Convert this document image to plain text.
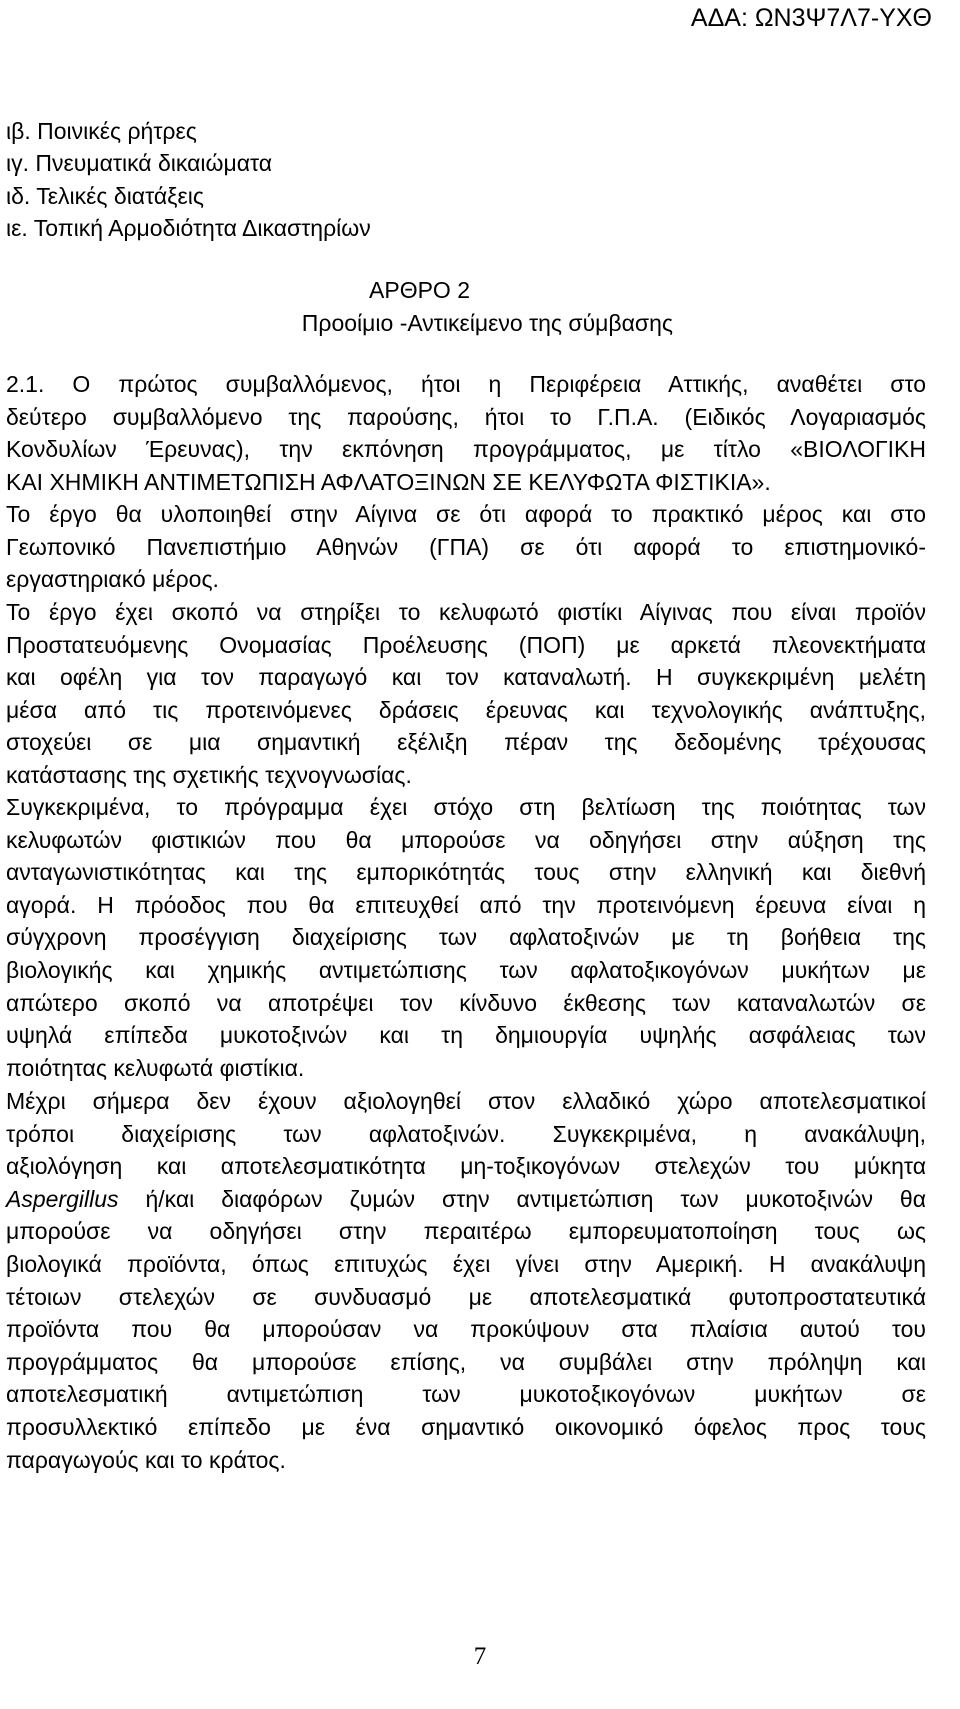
ΑΔΑ: ΩΝ3Ψ7Λ7-ΥΧΘ
ιβ. Ποινικές ρήτρες
ιγ. Πνευματικά δικαιώματα
ιδ. Τελικές διατάξεις
ιε. Τοπική Αρμοδιότητα Δικαστηρίων
ΑΡΘΡΟ 2
Προοίμιο -Αντικείμενο της σύμβασης
2.1. Ο πρώτος συμβαλλόμενος, ήτοι η Περιφέρεια Αττικής, αναθέτει στο
δεύτερο συμβαλλόμενο της παρούσης, ήτοι το Γ.Π.Α. (Ειδικός Λογαριασμός
Κονδυλίων Έρευνας), την εκπόνηση προγράμματος, με τίτλο «ΒΙΟΛΟΓΙΚΗ
ΚΑΙ ΧΗΜΙΚΗ ΑΝΤΙΜΕΤΩΠΙΣΗ ΑΦΛΑΤΟΞΙΝΩΝ ΣΕ ΚΕΛΥΦΩΤΑ ΦΙΣΤΙΚΙΑ».
Το έργο θα υλοποιηθεί στην Αίγινα σε ότι αφορά το πρακτικό μέρος και στο
Γεωπονικό Πανεπιστήμιο Αθηνών (ΓΠΑ) σε ότι αφορά το επιστημονικό-
εργαστηριακό μέρος.
Το έργο έχει σκοπό να στηρίξει το κελυφωτό φιστίκι Αίγινας που είναι προϊόν
Προστατευόμενης Ονομασίας Προέλευσης (ΠΟΠ) με αρκετά πλεονεκτήματα
και οφέλη για τον παραγωγό και τον καταναλωτή. Η συγκεκριμένη μελέτη
μέσα από τις προτεινόμενες δράσεις έρευνας και τεχνολογικής ανάπτυξης,
στοχεύει σε μια σημαντική εξέλιξη πέραν της δεδομένης τρέχουσας
κατάστασης της σχετικής τεχνογνωσίας.
Συγκεκριμένα, το πρόγραμμα έχει στόχο στη βελτίωση της ποιότητας των
κελυφωτών φιστικιών που θα μπορούσε να οδηγήσει στην αύξηση της
ανταγωνιστικότητας και της εμπορικότητάς τους στην ελληνική και διεθνή
αγορά. Η πρόοδος που θα επιτευχθεί από την προτεινόμενη έρευνα είναι η
σύγχρονη προσέγγιση διαχείρισης των αφλατοξινών με τη βοήθεια της
βιολογικής και χημικής αντιμετώπισης των αφλατοξικογόνων μυκήτων με
απώτερο σκοπό να αποτρέψει τον κίνδυνο έκθεσης των καταναλωτών σε
υψηλά επίπεδα μυκοτοξινών και τη δημιουργία υψηλής ασφάλειας των
ποιότητας κελυφωτά φιστίκια.
Μέχρι σήμερα δεν έχουν αξιολογηθεί στον ελλαδικό χώρο αποτελεσματικοί
τρόποι διαχείρισης των αφλατοξινών. Συγκεκριμένα, η ανακάλυψη,
αξιολόγηση και αποτελεσματικότητα μη-τοξικογόνων στελεχών του μύκητα
Aspergillus ή/και διαφόρων ζυμών στην αντιμετώπιση των μυκοτοξινών θα
μπορούσε να οδηγήσει στην περαιτέρω εμπορευματοποίηση τους ως
βιολογικά προϊόντα, όπως επιτυχώς έχει γίνει στην Αμερική. Η ανακάλυψη
τέτοιων στελεχών σε συνδυασμό με αποτελεσματικά φυτοπροστατευτικά
προϊόντα που θα μπορούσαν να προκύψουν στα πλαίσια αυτού του
προγράμματος θα μπορούσε επίσης, να συμβάλει στην πρόληψη και
αποτελεσματική αντιμετώπιση των μυκοτοξικογόνων μυκήτων σε
προσυλλεκτικό επίπεδο με ένα σημαντικό οικονομικό όφελος προς τους
παραγωγούς και το κράτος.
7
